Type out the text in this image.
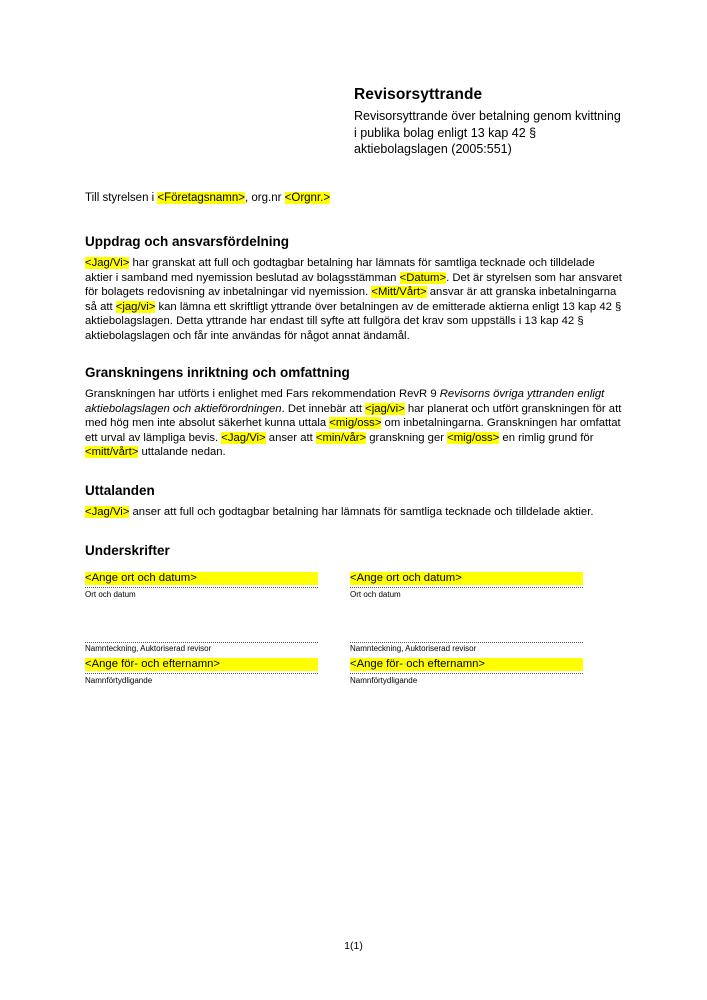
Revisorsyttrande
Revisorsyttrande över betalning genom kvittning i publika bolag enligt 13 kap 42 § aktiebolagslagen (2005:551)
Till styrelsen i <Företagsnamn>, org.nr <Orgnr.>
Uppdrag och ansvarsfördelning

<Jag/Vi> har granskat att full och godtagbar betalning har lämnats för samtliga tecknade och tilldelade aktier i samband med nyemission beslutad av bolagsstämman <Datum>. Det är styrelsen som har ansvaret för bolagets redovisning av inbetalningar vid nyemission. <Mitt/Vårt> ansvar är att granska inbetalningarna så att <jag/vi> kan lämna ett skriftligt yttrande över betalningen av de emitterade aktierna enligt 13 kap 42 § aktiebolagslagen. Detta yttrande har endast till syfte att fullgöra det krav som uppställs i 13 kap 42 § aktiebolagslagen och får inte användas för något annat ändamål.

Granskningens inriktning och omfattning

Granskningen har utförts i enlighet med Fars rekommendation RevR 9 Revisorns övriga yttranden enligt aktiebolagslagen och aktieförordningen. Det innebär att <jag/vi> har planerat och utfört granskningen för att med hög men inte absolut säkerhet kunna uttala <mig/oss> om inbetalningarna. Granskningen har omfattat ett urval av lämpliga bevis. <Jag/Vi> anser att <min/vår> granskning ger <mig/oss> en rimlig grund för <mitt/vårt> uttalande nedan.

Uttalanden

<Jag/Vi> anser att full och godtagbar betalning har lämnats för samtliga tecknade och tilldelade aktier.

Underskrifter
<Ange ort och datum>
Ort och datum
Namnteckning, Auktoriserad revisor
<Ange för- och efternamn>
Namnförtydligande
<Ange ort och datum>
Ort och datum
Namnteckning, Auktoriserad revisor
<Ange för- och efternamn>
Namnförtydligande
1(1)
